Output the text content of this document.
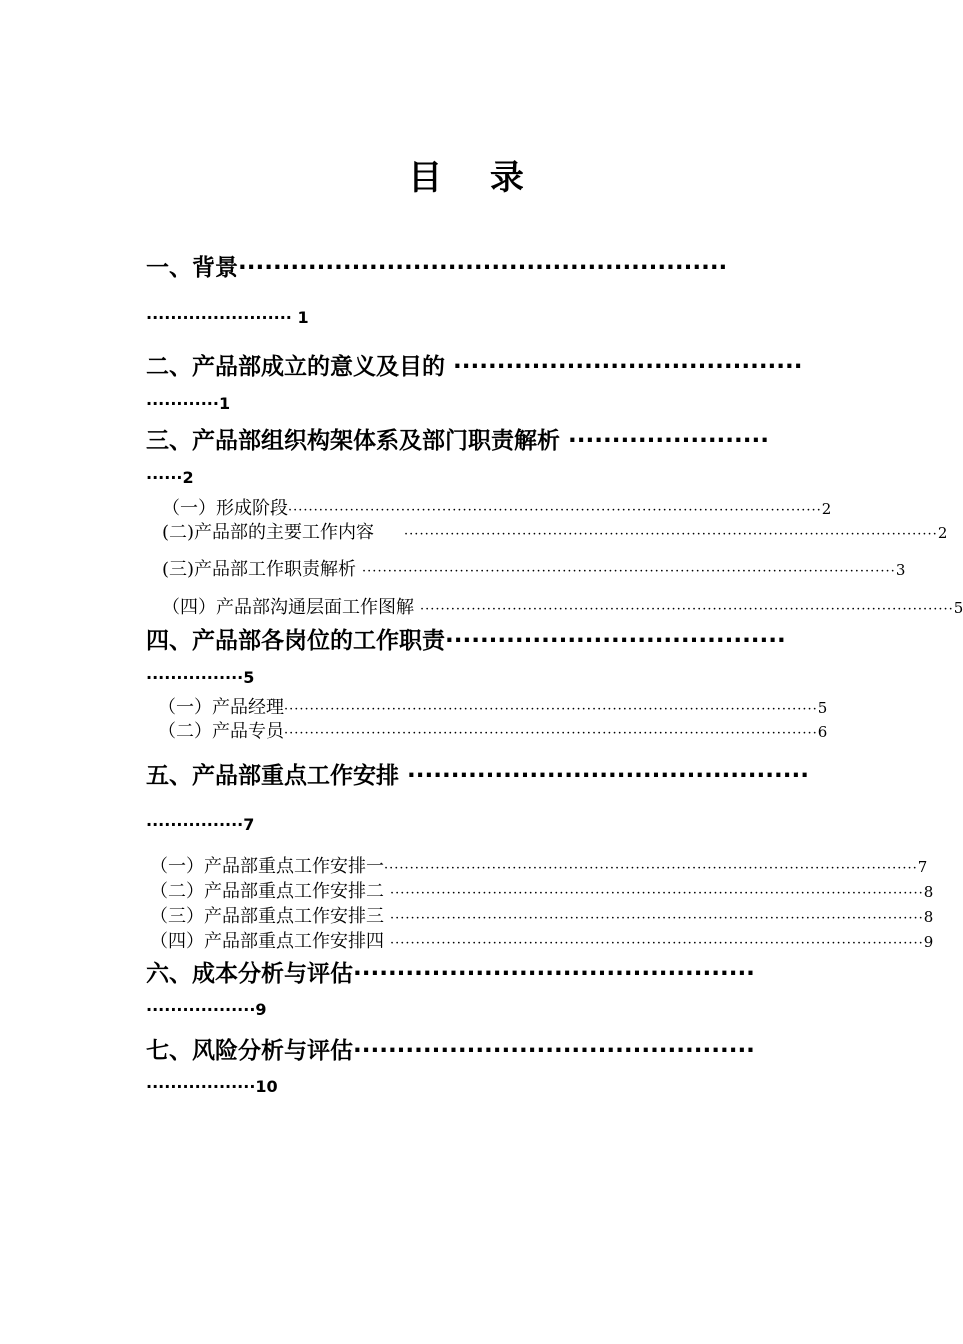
目 录
一、背景························································
························ 1
二、产品部成立的意义及目的 ········································
············1
三、产品部组织构架体系及部门职责解析 ·······················
······2
（一）形成阶段 ········································································································ 2
(二)产品部的主要工作内容	········································································································ 2
(三)产品部工作职责解析 ········································································································ 3
（四）产品部沟通层面工作图解 ········································································································ 5
四、产品部各岗位的工作职责·······································
················5
（一）产品经理 ········································································································ 5
（二）产品专员 ········································································································ 6
五、产品部重点工作安排 ··············································
················7
（一）产品部重点工作安排一 ········································································································ 7
（二）产品部重点工作安排二 ········································································································ 8
（三）产品部重点工作安排三 ········································································································ 8
（四）产品部重点工作安排四 ········································································································ 9
六、成本分析与评估··············································
··················9
七、风险分析与评估··············································
··················10
